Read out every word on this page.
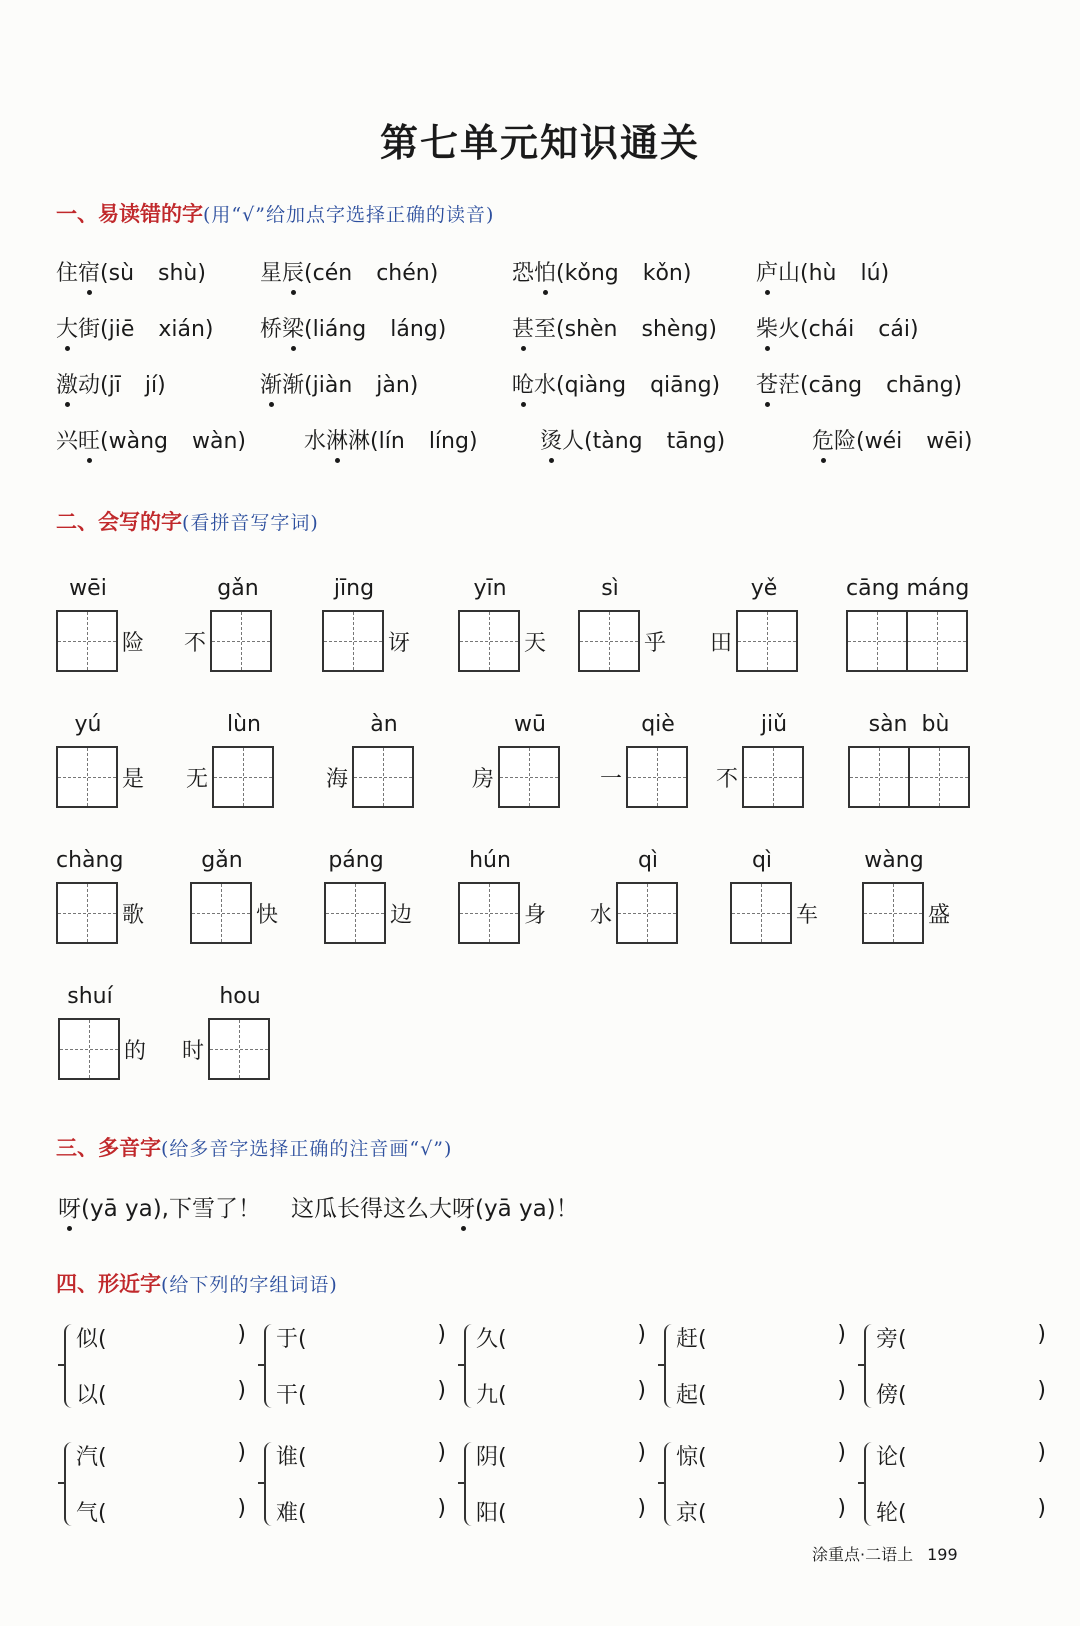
第七单元知识通关
一、易读错的字(用“√”给加点字选择正确的读音)
住宿(sù shù) 星辰(cén chén)	恐怕(kǒng kǒn)	庐山(hù lú)
大街(jiē xián) 桥梁(liáng láng)	甚至(shèn shèng) 柴火(chái cái)
激动(jī jí)	渐渐(jiàn jàn)	呛水(qiàng qiāng) 苍茫(cāng chāng)
兴旺(wàng wàn)	水淋淋(lín líng)	烫人(tàng tāng)	危险(wéi wēi)
二、会写的字(看拼音写字词)
wēi
险
gǎn
不
jīng
讶
yīn
天
sì
乎
yě
田
cāng máng
yú
是
lùn
无
àn
海
wū
房
qiè
一
jiǔ
不
sàn  bù
chàng
歌
gǎn
快
páng
边
hún
身
qì
水
qì
车
wàng
盛
shuí
的
hou
时
三、多音字(给多音字选择正确的注音画“√”)
呀(yā ya),下雪了！ 这瓜长得这么大呀(yā ya)！
四、形近字(给下列的字组词语)
似(	)
以(	)
于(	)
干(	)
久(	)
九(	)
赶(	)
起(	)
旁(	)
傍(	)
汽(	)
气(	)
谁(	)
难(	)
阴(	)
阳(	)
惊(	)
京(	)
论(	)
轮(	)
涂重点·二语上 199
